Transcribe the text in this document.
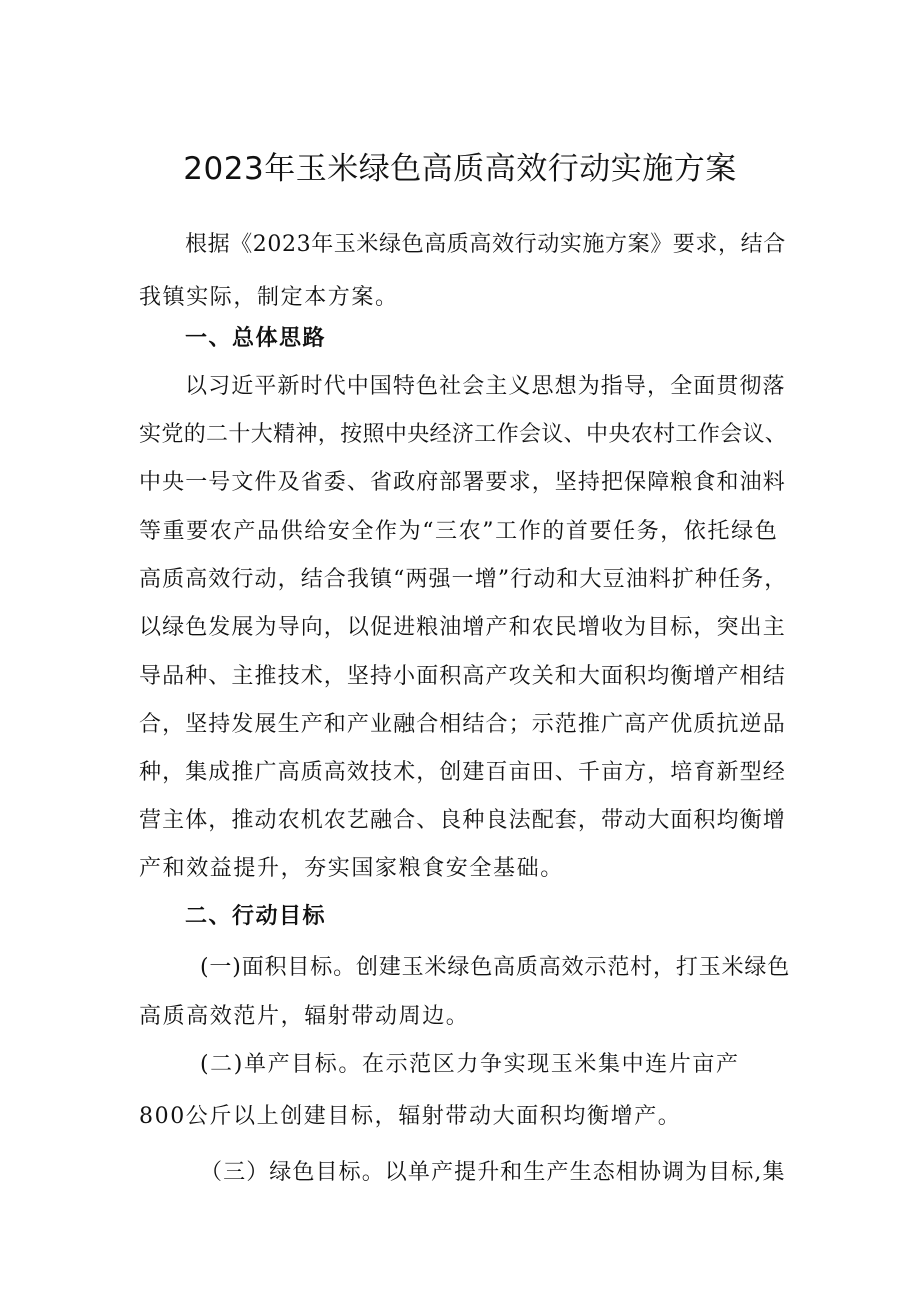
2023年玉米绿色高质高效行动实施方案
根据《2023年玉米绿色高质高效行动实施方案》要求，结合
我镇实际，制定本方案。
一、总体思路
以习近平新时代中国特色社会主义思想为指导，全面贯彻落
实党的二十大精神，按照中央经济工作会议、中央农村工作会议、
中央一号文件及省委、省政府部署要求，坚持把保障粮食和油料
等重要农产品供给安全作为“三农”工作的首要任务，依托绿色
高质高效行动，结合我镇“两强一增”行动和大豆油料扩种任务，
以绿色发展为导向，以促进粮油增产和农民增收为目标，突出主
导品种、主推技术，坚持小面积高产攻关和大面积均衡增产相结
合，坚持发展生产和产业融合相结合；示范推广高产优质抗逆品
种，集成推广高质高效技术，创建百亩田、千亩方，培育新型经
营主体，推动农机农艺融合、良种良法配套，带动大面积均衡增
产和效益提升，夯实国家粮食安全基础。
二、行动目标
(一)面积目标。创建玉米绿色高质高效示范村，打玉米绿色
高质高效范片，辐射带动周边。
(二)单产目标。在示范区力争实现玉米集中连片亩产
800公斤以上创建目标，辐射带动大面积均衡增产。
（三）绿色目标。以单产提升和生产生态相协调为目标,集
